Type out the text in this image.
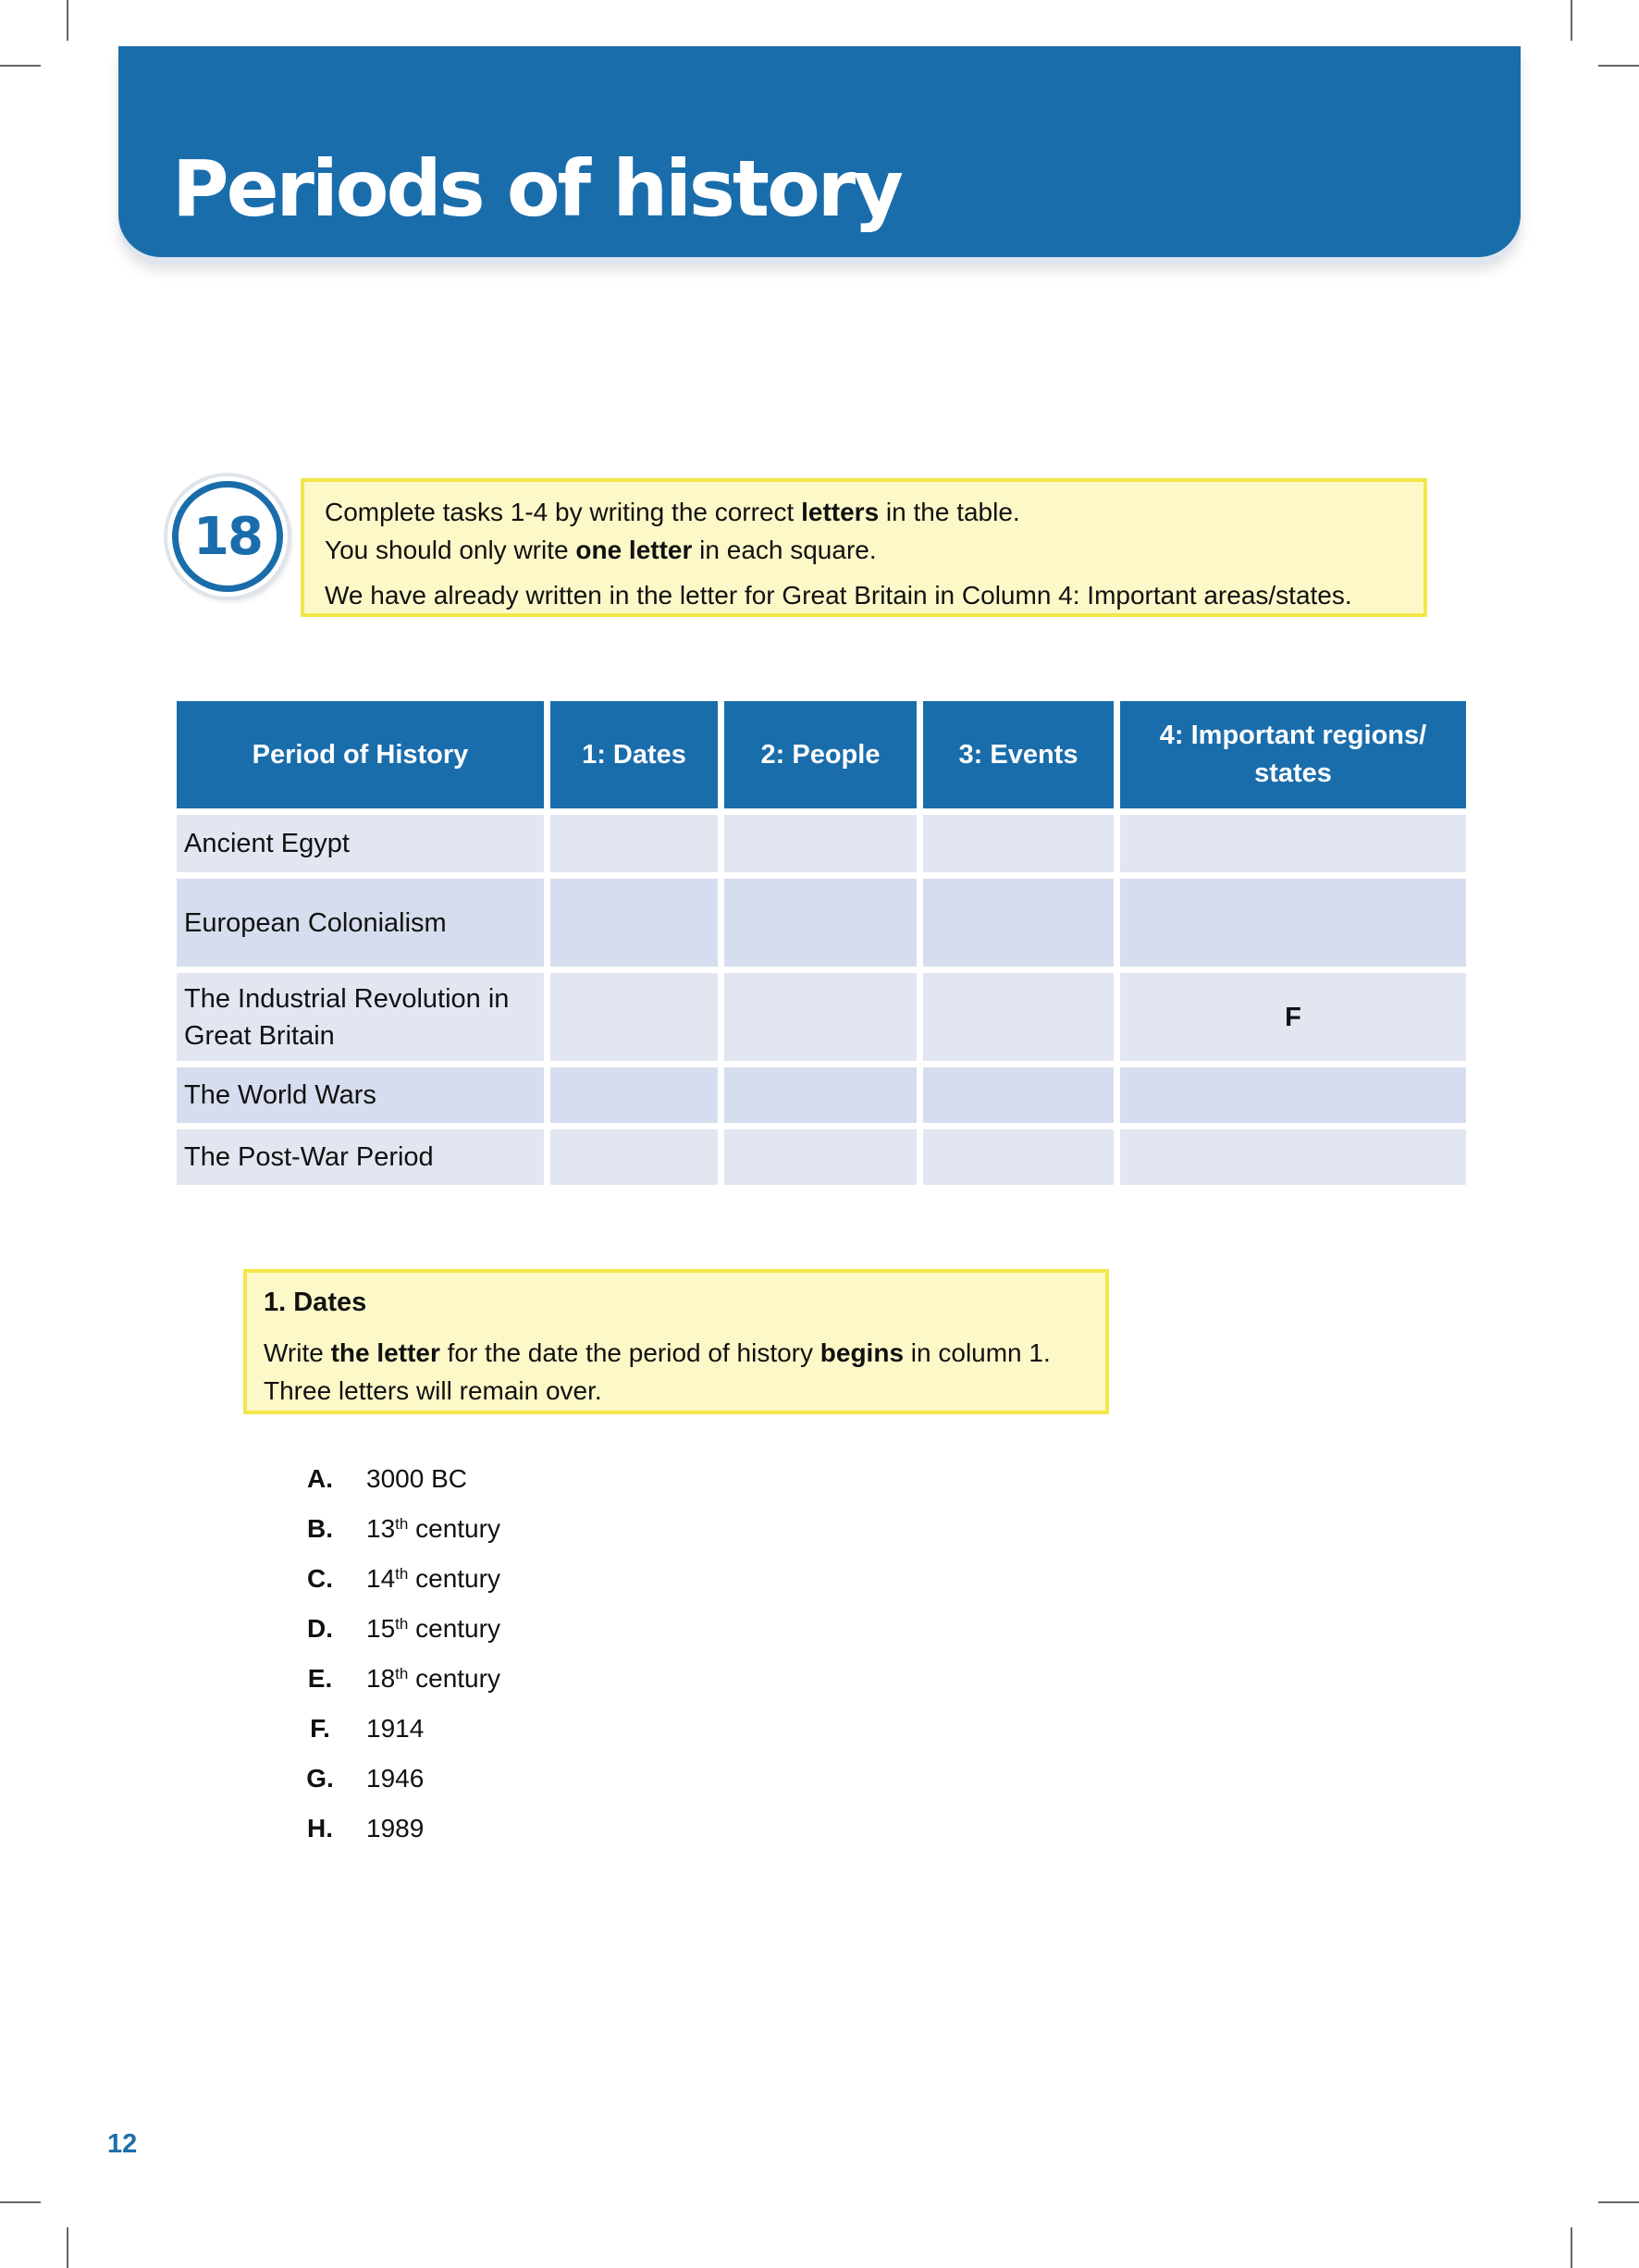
Periods of history
18	Complete tasks 1-4 by writing the correct letters in the table.

You should only write one letter in each square.

We have already written in the letter for Great Britain in Column 4: Important areas/states.

Period of History	1: Dates	2: People	3: Events	4: Important regions/ states
Ancient Egypt				
European Colonialism				
The Industrial Revolution in Great Britain				F
The World Wars				
The Post-War Period				
1. Dates

Write the letter for the date the period of history begins in column 1.

Three letters will remain over.

A. 3000 BC
B. 13th century
C. 14th century
D. 15th century
E. 18th century
F.	1914
G. 1946
H. 1989
12
